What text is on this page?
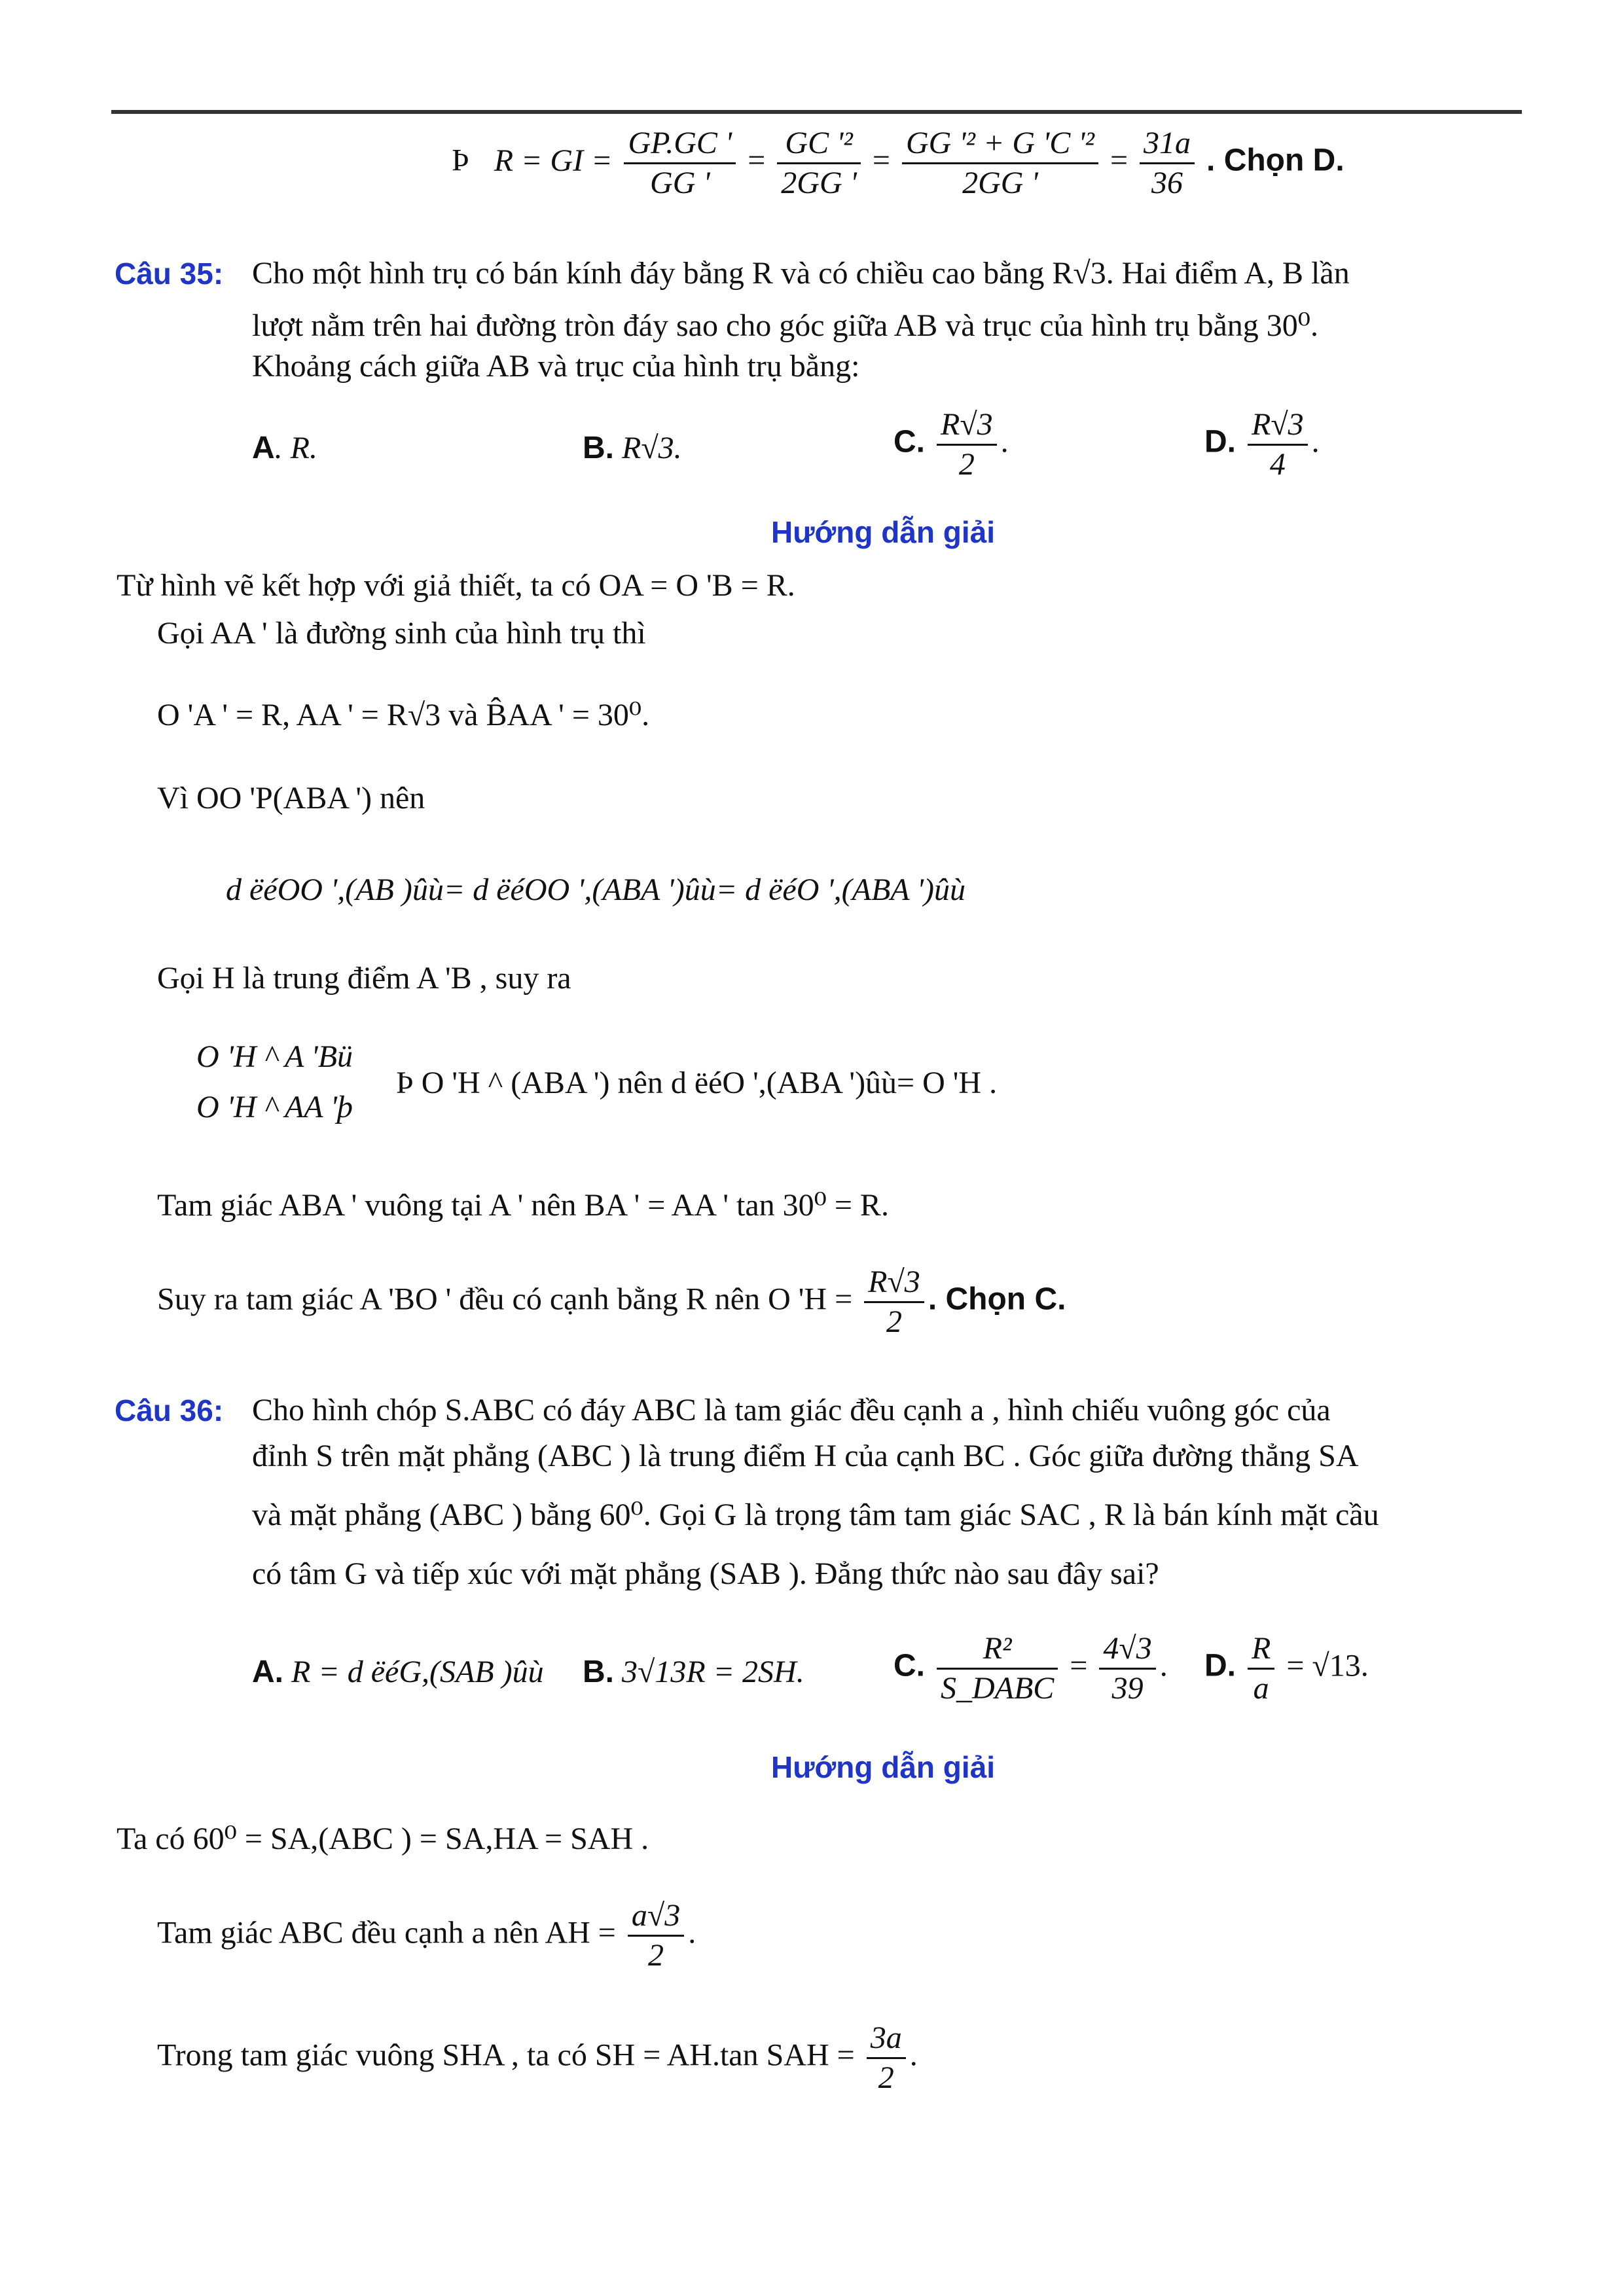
Þ R = GI = $\frac{GP.GC '}{GG '} = \frac{\text{GC '²}}{2GG '} = \frac{\text{GG '² + G 'C '²}}{2GG '} = \frac{31a}{36}$ . Chọn D.
Câu 35: Cho một hình trụ có bán kính đáy bằng R và có chiều cao bằng R√3. Hai điểm A, B lần
lượt nằm trên hai đường tròn đáy sao cho góc giữa AB và trục của hình trụ bằng 30⁰.
Khoảng cách giữa AB và trục của hình trụ bằng:
A. R.	B. R√3.	C. $\frac{R√3}{2}$ .	D. $\frac{R√3}{4}$ .
Hướng dẫn giải
Từ hình vẽ kết hợp với giả thiết, ta có OA = O 'B = R.
Gọi AA ' là đường sinh của hình trụ thì
O 'A ' = R, AA ' = R√3 và B̂AA ' = 30⁰.
Vì OO 'P(ABA ') nên
d ëéOO ',(AB )ûù= d ëéOO ',(ABA ')ûù= d ëéO ',(ABA ')ûù
Gọi H là trung điểm A 'B , suy ra
O 'H ^ A 'Bü
O 'H ^ AA 'þ
Þ O 'H ^ (ABA ') nên d ëéO ',(ABA ')ûù= O 'H .
Tam giác ABA ' vuông tại A ' nên BA ' = AA ' tan 30⁰ = R.
Suy ra tam giác A 'BO ' đều có cạnh bằng R nên O '$H = \frac{R√3}{2}$ . Chọn C.
Câu 36: Cho hình chóp S.ABC có đáy ABC là tam giác đều cạnh a , hình chiếu vuông góc của
đỉnh S trên mặt phẳng (ABC ) là trung điểm H của cạnh BC . Góc giữa đường thẳng SA
và mặt phẳng (ABC ) bằng 60⁰. Gọi G là trọng tâm tam giác SAC , R là bán kính mặt cầu
có tâm G và tiếp xúc với mặt phẳng (SAB ). Đẳng thức nào sau đây sai?
A. R = d ëéG,(SAB )ûù B. 3√13R = 2SH.	C. $\frac{\text{R²}}{\text{S\_DABC}} = \frac{4√3}{39}$ . D. $\frac{R}{a} = √13$.
Hướng dẫn giải
Ta có 60⁰ = SA,(ABC ) = SA,HA = SAH .
Tam giác ABC đều cạnh a nên AH = $\frac{a√3}{2}$ .
Trong tam giác vuông SHA , ta có SH = AH.tan SAH = $\frac{3a}{2}$ .
